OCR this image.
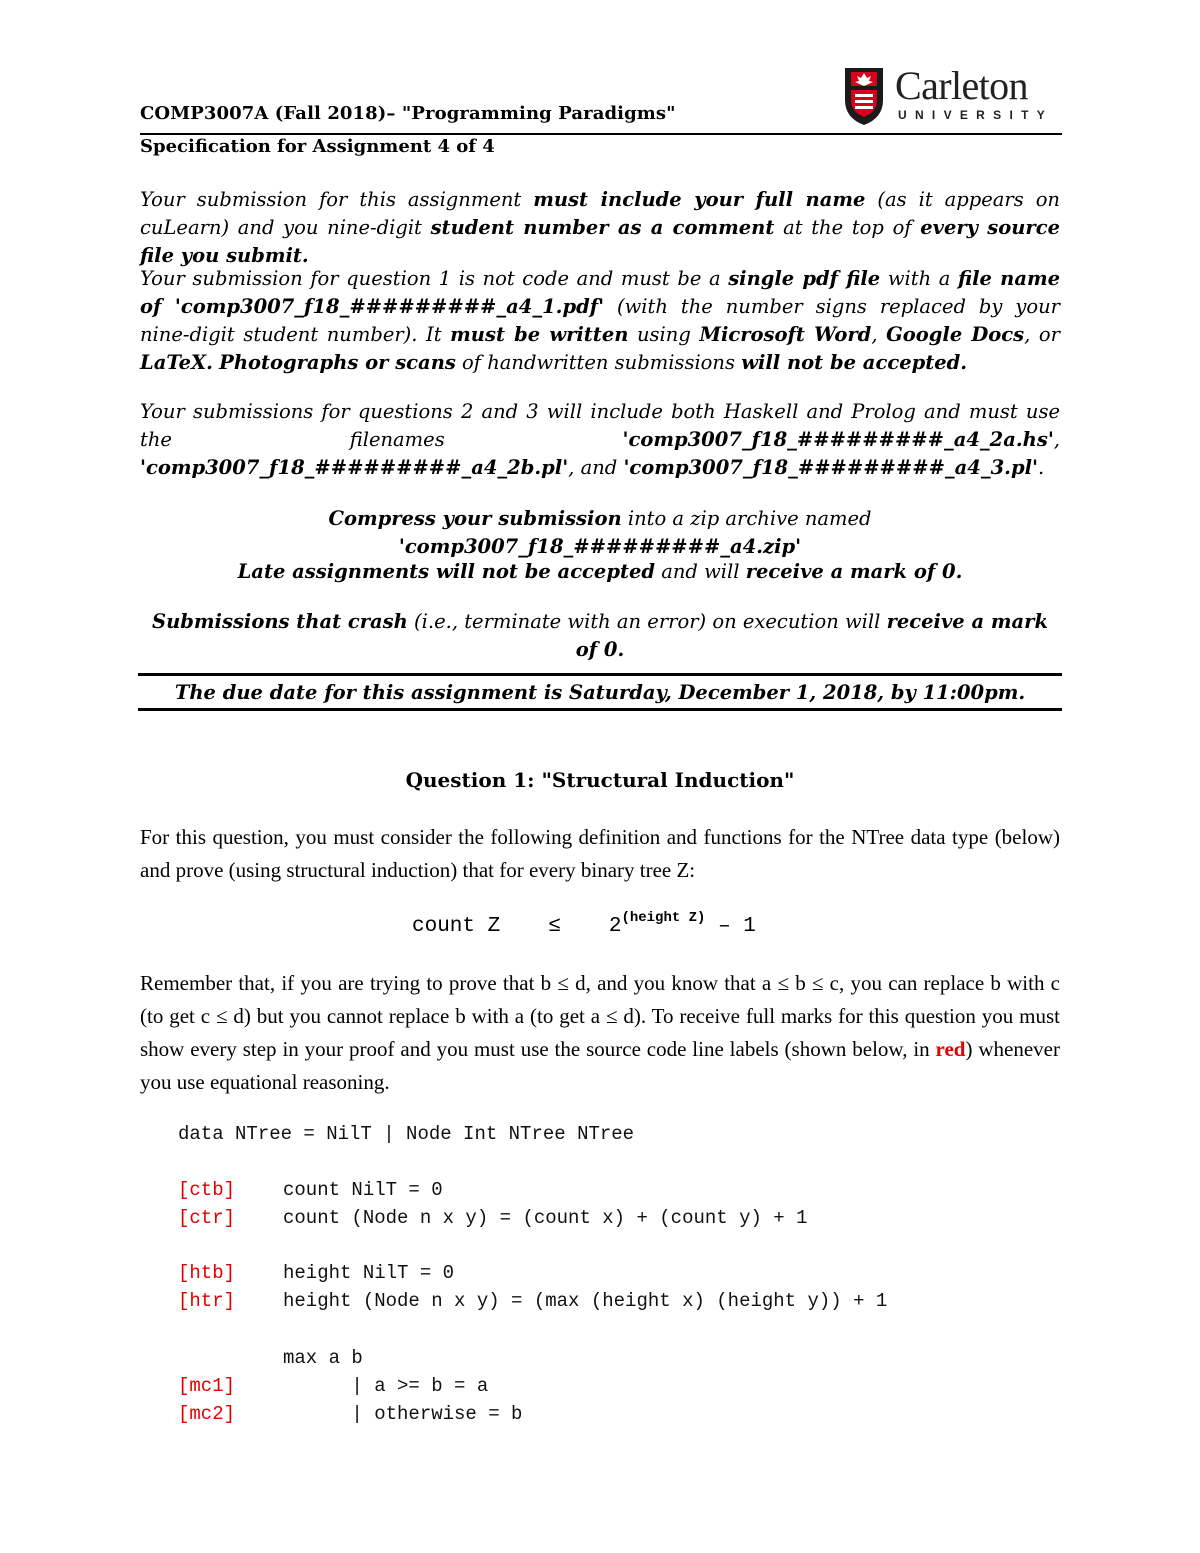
COMP3007A (Fall 2018)– "Programming Paradigms"
Specification for Assignment 4 of 4
Carleton
UNIVERSITY
Your submission for this assignment must include your full name (as it appears on cuLearn) and you nine-digit student number as a comment at the top of every source file you submit.
Your submission for question 1 is not code and must be a single pdf file with a file name of 'comp3007_f18_#########_a4_1.pdf' (with the number signs replaced by your nine-digit student number). It must be written using Microsoft Word, Google Docs, or LaTeX. Photographs or scans of handwritten submissions will not be accepted.
Your submissions for questions 2 and 3 will include both Haskell and Prolog and must use the filenames 'comp3007_f18_#########_a4_2a.hs', 'comp3007_f18_#########_a4_2b.pl', and 'comp3007_f18_#########_a4_3.pl'.
Compress your submission into a zip archive named 'comp3007_f18_#########_a4.zip'
Late assignments will not be accepted and will receive a mark of 0.
Submissions that crash (i.e., terminate with an error) on execution will receive a mark of 0.
The due date for this assignment is Saturday, December 1, 2018, by 11:00pm.
Question 1: "Structural Induction"
For this question, you must consider the following definition and functions for the NTree data type (below) and prove (using structural induction) that for every binary tree Z:
count $Z \le 2^{(height Z)} - 1$
Remember that, if you are trying to prove that b ≤ d, and you know that a ≤ b ≤ c, you can replace b with c (to get c ≤ d) but you cannot replace b with a (to get a ≤ d). To receive full marks for this question you must show every step in your proof and you must use the source code line labels (shown below, in red) whenever you use equational reasoning.
data NTree = NilT | Node Int NTree NTree
[ctb]	count NilT = 0
[ctr]	count (Node n x y) = (count x) + (count y) + 1
[htb]	height NilT = 0
[htr]	height (Node n x y) = (max (height x) (height y)) + 1
max a b
[mc1]	| a >= b = a
[mc2]	| otherwise = b
